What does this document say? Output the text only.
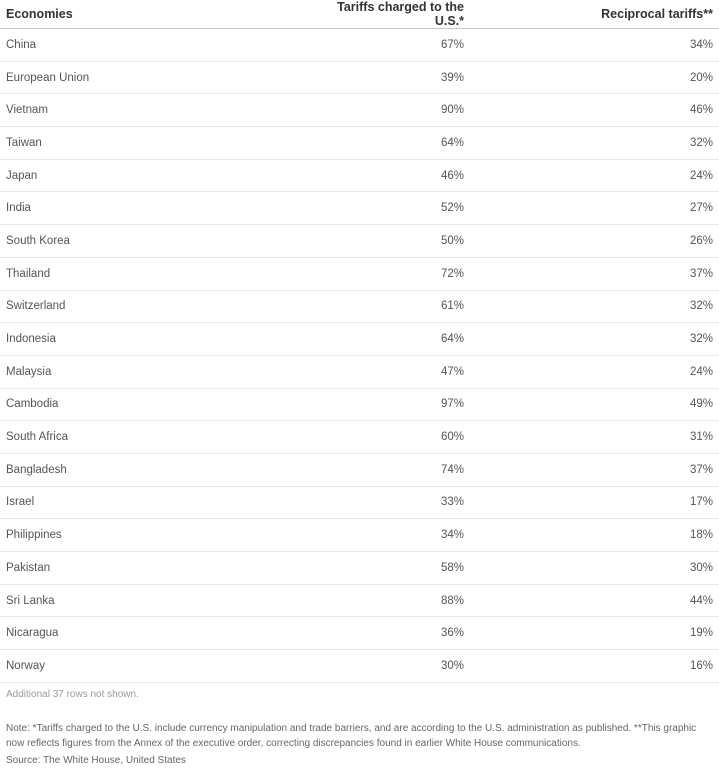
Economies	Tariffs charged to the U.S.*	Reciprocal tariffs**
China	67%	34%
European Union	39%	20%
Vietnam	90%	46%
Taiwan	64%	32%
Japan	46%	24%
India	52%	27%
South Korea	50%	26%
Thailand	72%	37%
Switzerland	61%	32%
Indonesia	64%	32%
Malaysia	47%	24%
Cambodia	97%	49%
South Africa	60%	31%
Bangladesh	74%	37%
Israel	33%	17%
Philippines	34%	18%
Pakistan	58%	30%
Sri Lanka	88%	44%
Nicaragua	36%	19%
Norway	30%	16%
Additional 37 rows not shown.
Note: *Tariffs charged to the U.S. include currency manipulation and trade barriers, and are according to the U.S. administration as published. **This graphic now reflects figures from the Annex of the executive order, correcting discrepancies found in earlier White House communications.
Source: The White House, United States
